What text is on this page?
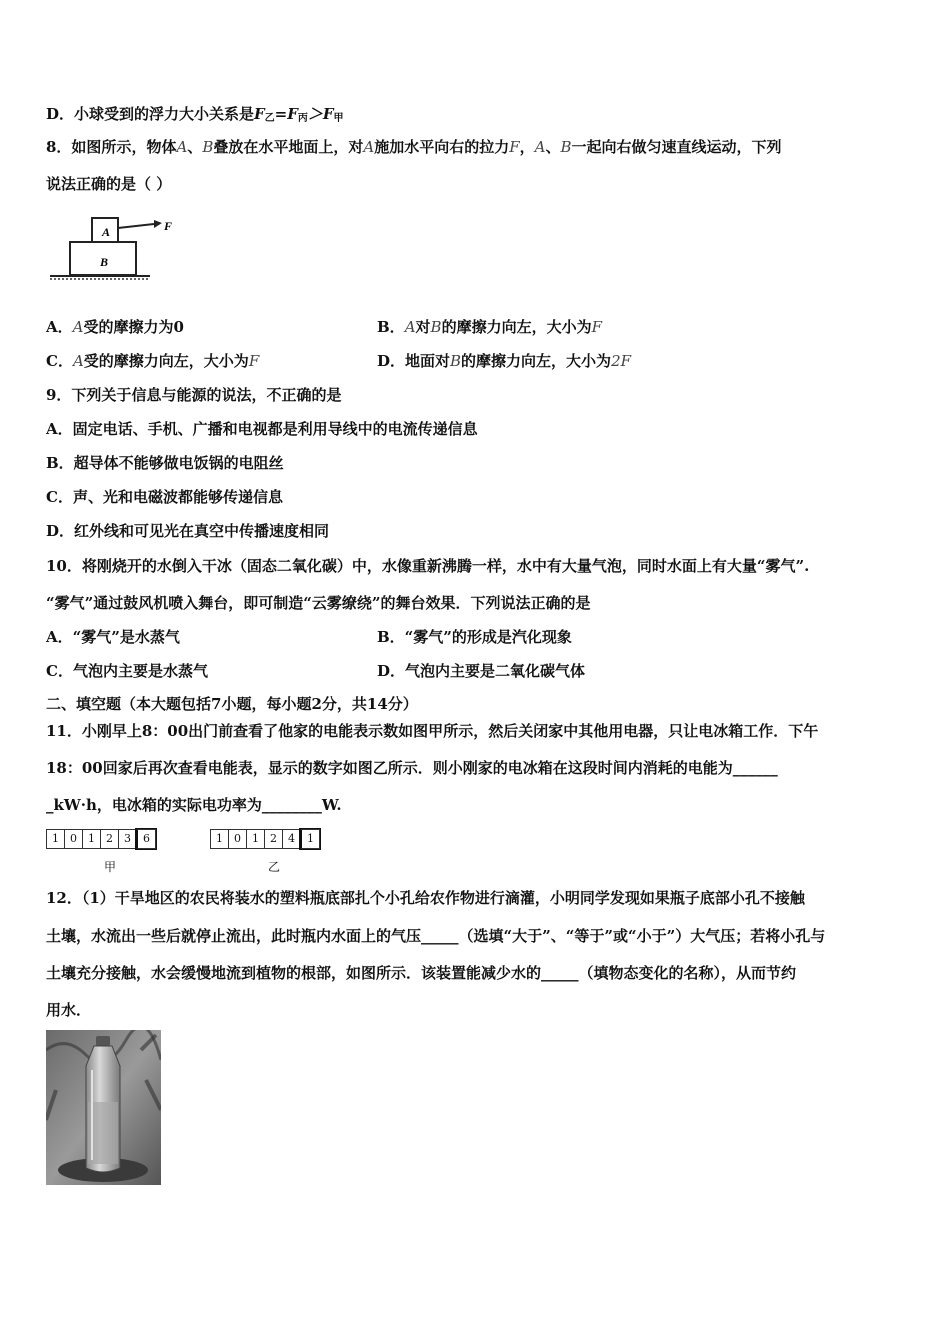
D．小球受到的浮力大小关系是$F_乙=F_丙>F_甲$
8．如图所示，物体A、B叠放在水平地面上，对A施加水平向右的拉力F，A、B一起向右做匀速直线运动，下列
说法正确的是（ ）
A
B
F
A．A受的摩擦力为0	B．A对B的摩擦力向左，大小为F
C．A受的摩擦力向左，大小为F	D．地面对B的摩擦力向左，大小为2F
9．下列关于信息与能源的说法，不正确的是
A．固定电话、手机、广播和电视都是利用导线中的电流传递信息
B．超导体不能够做电饭锅的电阻丝
C．声、光和电磁波都能够传递信息
D．红外线和可见光在真空中传播速度相同
10．将刚烧开的水倒入干冰（固态二氧化碳）中，水像重新沸腾一样，水中有大量气泡，同时水面上有大量“雾气”.
“雾气”通过鼓风机喷入舞台，即可制造“云雾缭绕”的舞台效果．下列说法正确的是
A．“雾气”是水蒸气	B．“雾气”的形成是汽化现象
C．气泡内主要是水蒸气	D．气泡内主要是二氧化碳气体
二、填空题（本大题包括7小题，每小题2分，共14分）
11．小刚早上8：00出门前查看了他家的电能表示数如图甲所示，然后关闭家中其他用电器，只让电冰箱工作．下午
18：00回家后再次查看电能表，显示的数字如图乙所示．则小刚家的电冰箱在这段时间内消耗的电能为______
_kW·h，电冰箱的实际电功率为________W.
1	0	1	2	3	6
甲
1	0	1	2	4	1
乙
12．（1）干旱地区的农民将装水的塑料瓶底部扎个小孔给农作物进行滴灌，小明同学发现如果瓶子底部小孔不接触
土壤，水流出一些后就停止流出，此时瓶内水面上的气压_____（选填“大于”、“等于”或“小于”）大气压；若将小孔与
土壤充分接触，水会缓慢地流到植物的根部，如图所示．该装置能减少水的_____（填物态变化的名称），从而节约
用水．
